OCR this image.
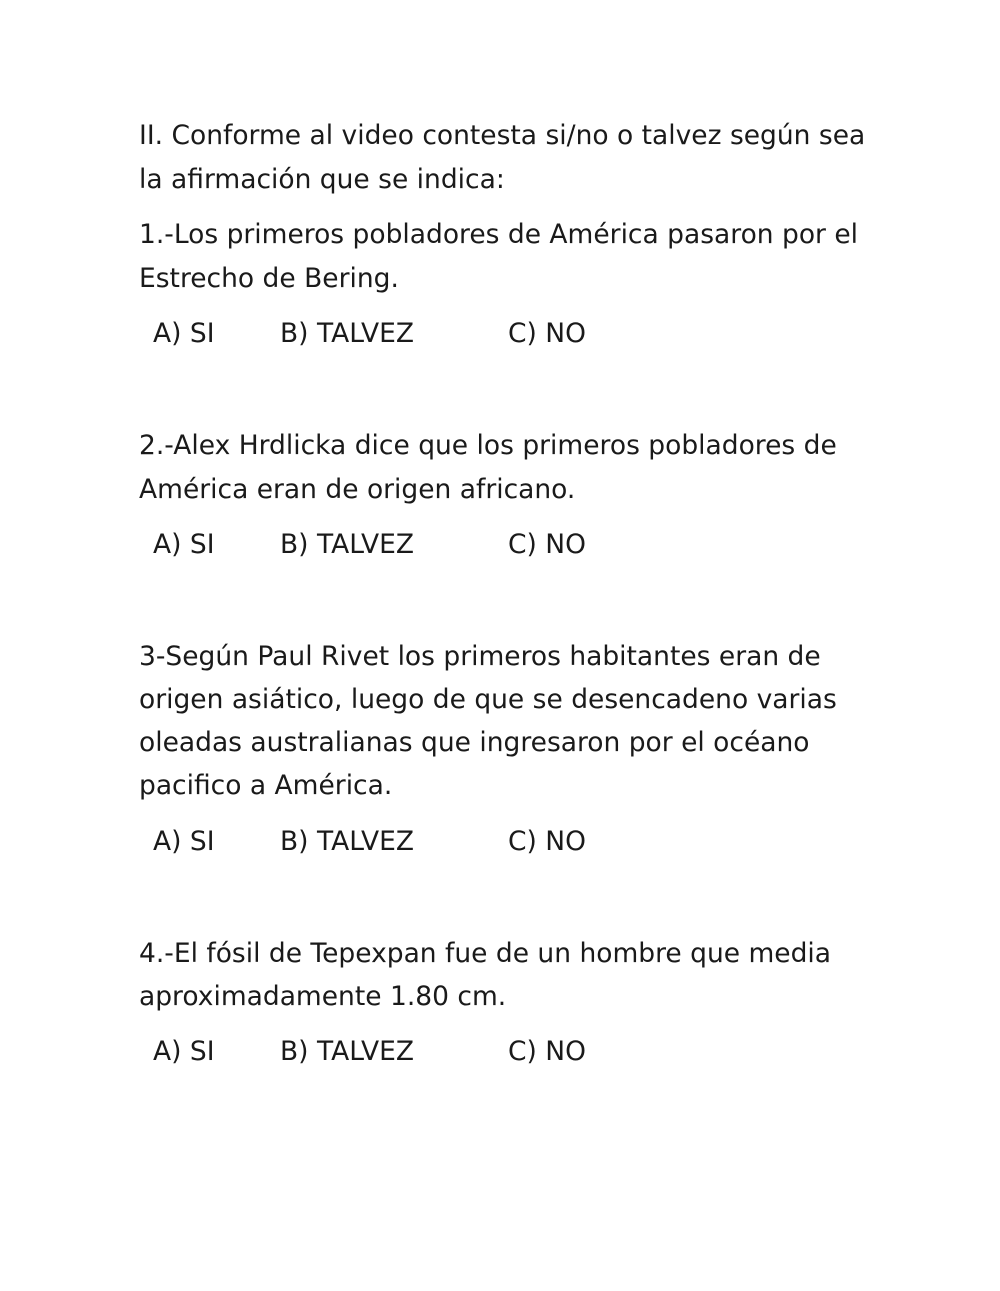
II. Conforme al video contesta si/no o talvez según sea
la afirmación que se indica:
1.-Los primeros pobladores de América pasaron por el
Estrecho de Bering.
A) SI B) TALVEZ	C) NO
2.-Alex Hrdlicka dice que los primeros pobladores de
América eran de origen africano.
A) SI B) TALVEZ	C) NO
3-Según Paul Rivet los primeros habitantes eran de
origen asiático, luego de que se desencadeno varias
oleadas australianas que ingresaron por el océano
pacifico a América.
A) SI B) TALVEZ	C) NO
4.-El fósil de Tepexpan fue de un hombre que media
aproximadamente 1.80 cm.
A) SI B) TALVEZ	C) NO
